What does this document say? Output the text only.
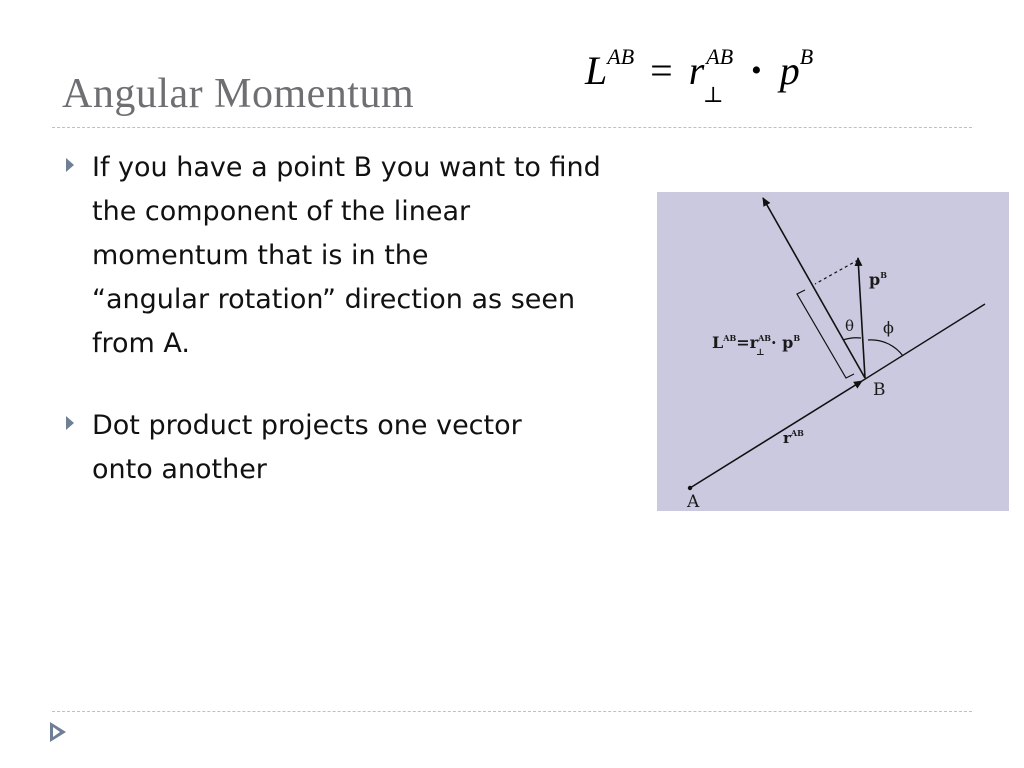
Angular Momentum
$L^{AB} = r^{AB}$
⊥
• $p^B$
If you have a point B you want to find
the component of the linear
momentum that is in the
“angular rotation” direction as seen
from A.
Dot product projects one vector
onto another
A
B
$r^{AB}$
$p^B$
θ ϕ
$L^{AB}=r^{AB}\cdot p^B$
⊥
